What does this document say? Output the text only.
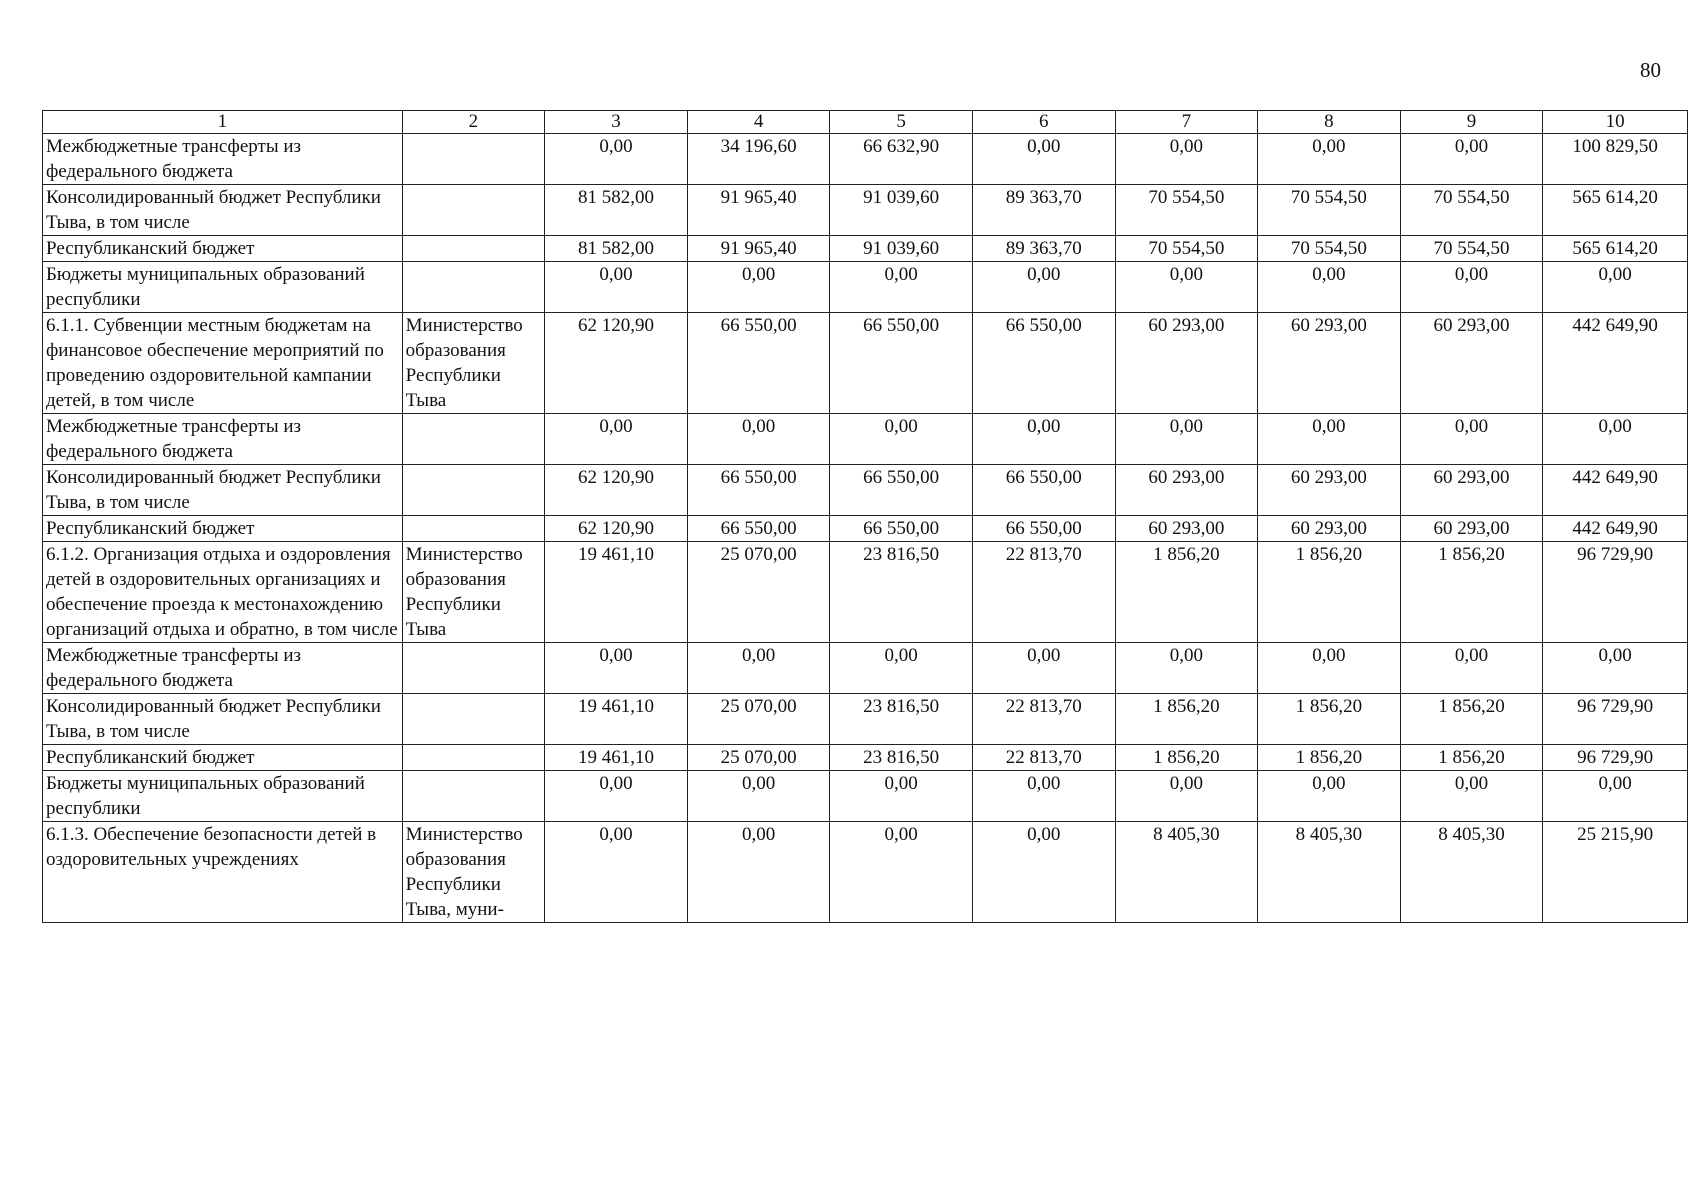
80
1	2	3	4	5	6	7	8	9	10
Межбюджетные трансферты из федерального бюджета		0,00	34 196,60	66 632,90	0,00	0,00	0,00	0,00	100 829,50
Консолидированный бюджет Республики Тыва, в том числе		81 582,00	91 965,40	91 039,60	89 363,70	70 554,50	70 554,50	70 554,50	565 614,20
Республиканский бюджет		81 582,00	91 965,40	91 039,60	89 363,70	70 554,50	70 554,50	70 554,50	565 614,20
Бюджеты муниципальных образований республики		0,00	0,00	0,00	0,00	0,00	0,00	0,00	0,00
6.1.1. Субвенции местным бюджетам на финансовое обеспечение мероприятий по проведению оздоровительной кампании детей, в том числе	Министерство образования Республики Тыва	62 120,90	66 550,00	66 550,00	66 550,00	60 293,00	60 293,00	60 293,00	442 649,90
Межбюджетные трансферты из федерального бюджета		0,00	0,00	0,00	0,00	0,00	0,00	0,00	0,00
Консолидированный бюджет Республики Тыва, в том числе		62 120,90	66 550,00	66 550,00	66 550,00	60 293,00	60 293,00	60 293,00	442 649,90
Республиканский бюджет		62 120,90	66 550,00	66 550,00	66 550,00	60 293,00	60 293,00	60 293,00	442 649,90
6.1.2. Организация отдыха и оздоровления детей в оздоровительных организациях и обеспечение проезда к местонахождению организаций отдыха и обратно, в том числе	Министерство образования Республики Тыва	19 461,10	25 070,00	23 816,50	22 813,70	1 856,20	1 856,20	1 856,20	96 729,90
Межбюджетные трансферты из федерального бюджета		0,00	0,00	0,00	0,00	0,00	0,00	0,00	0,00
Консолидированный бюджет Республики Тыва, в том числе		19 461,10	25 070,00	23 816,50	22 813,70	1 856,20	1 856,20	1 856,20	96 729,90
Республиканский бюджет		19 461,10	25 070,00	23 816,50	22 813,70	1 856,20	1 856,20	1 856,20	96 729,90
Бюджеты муниципальных образований республики		0,00	0,00	0,00	0,00	0,00	0,00	0,00	0,00
6.1.3. Обеспечение безопасности детей в оздоровительных учреждениях	Министерство образования Республики Тыва, муни-	0,00	0,00	0,00	0,00	8 405,30	8 405,30	8 405,30	25 215,90
